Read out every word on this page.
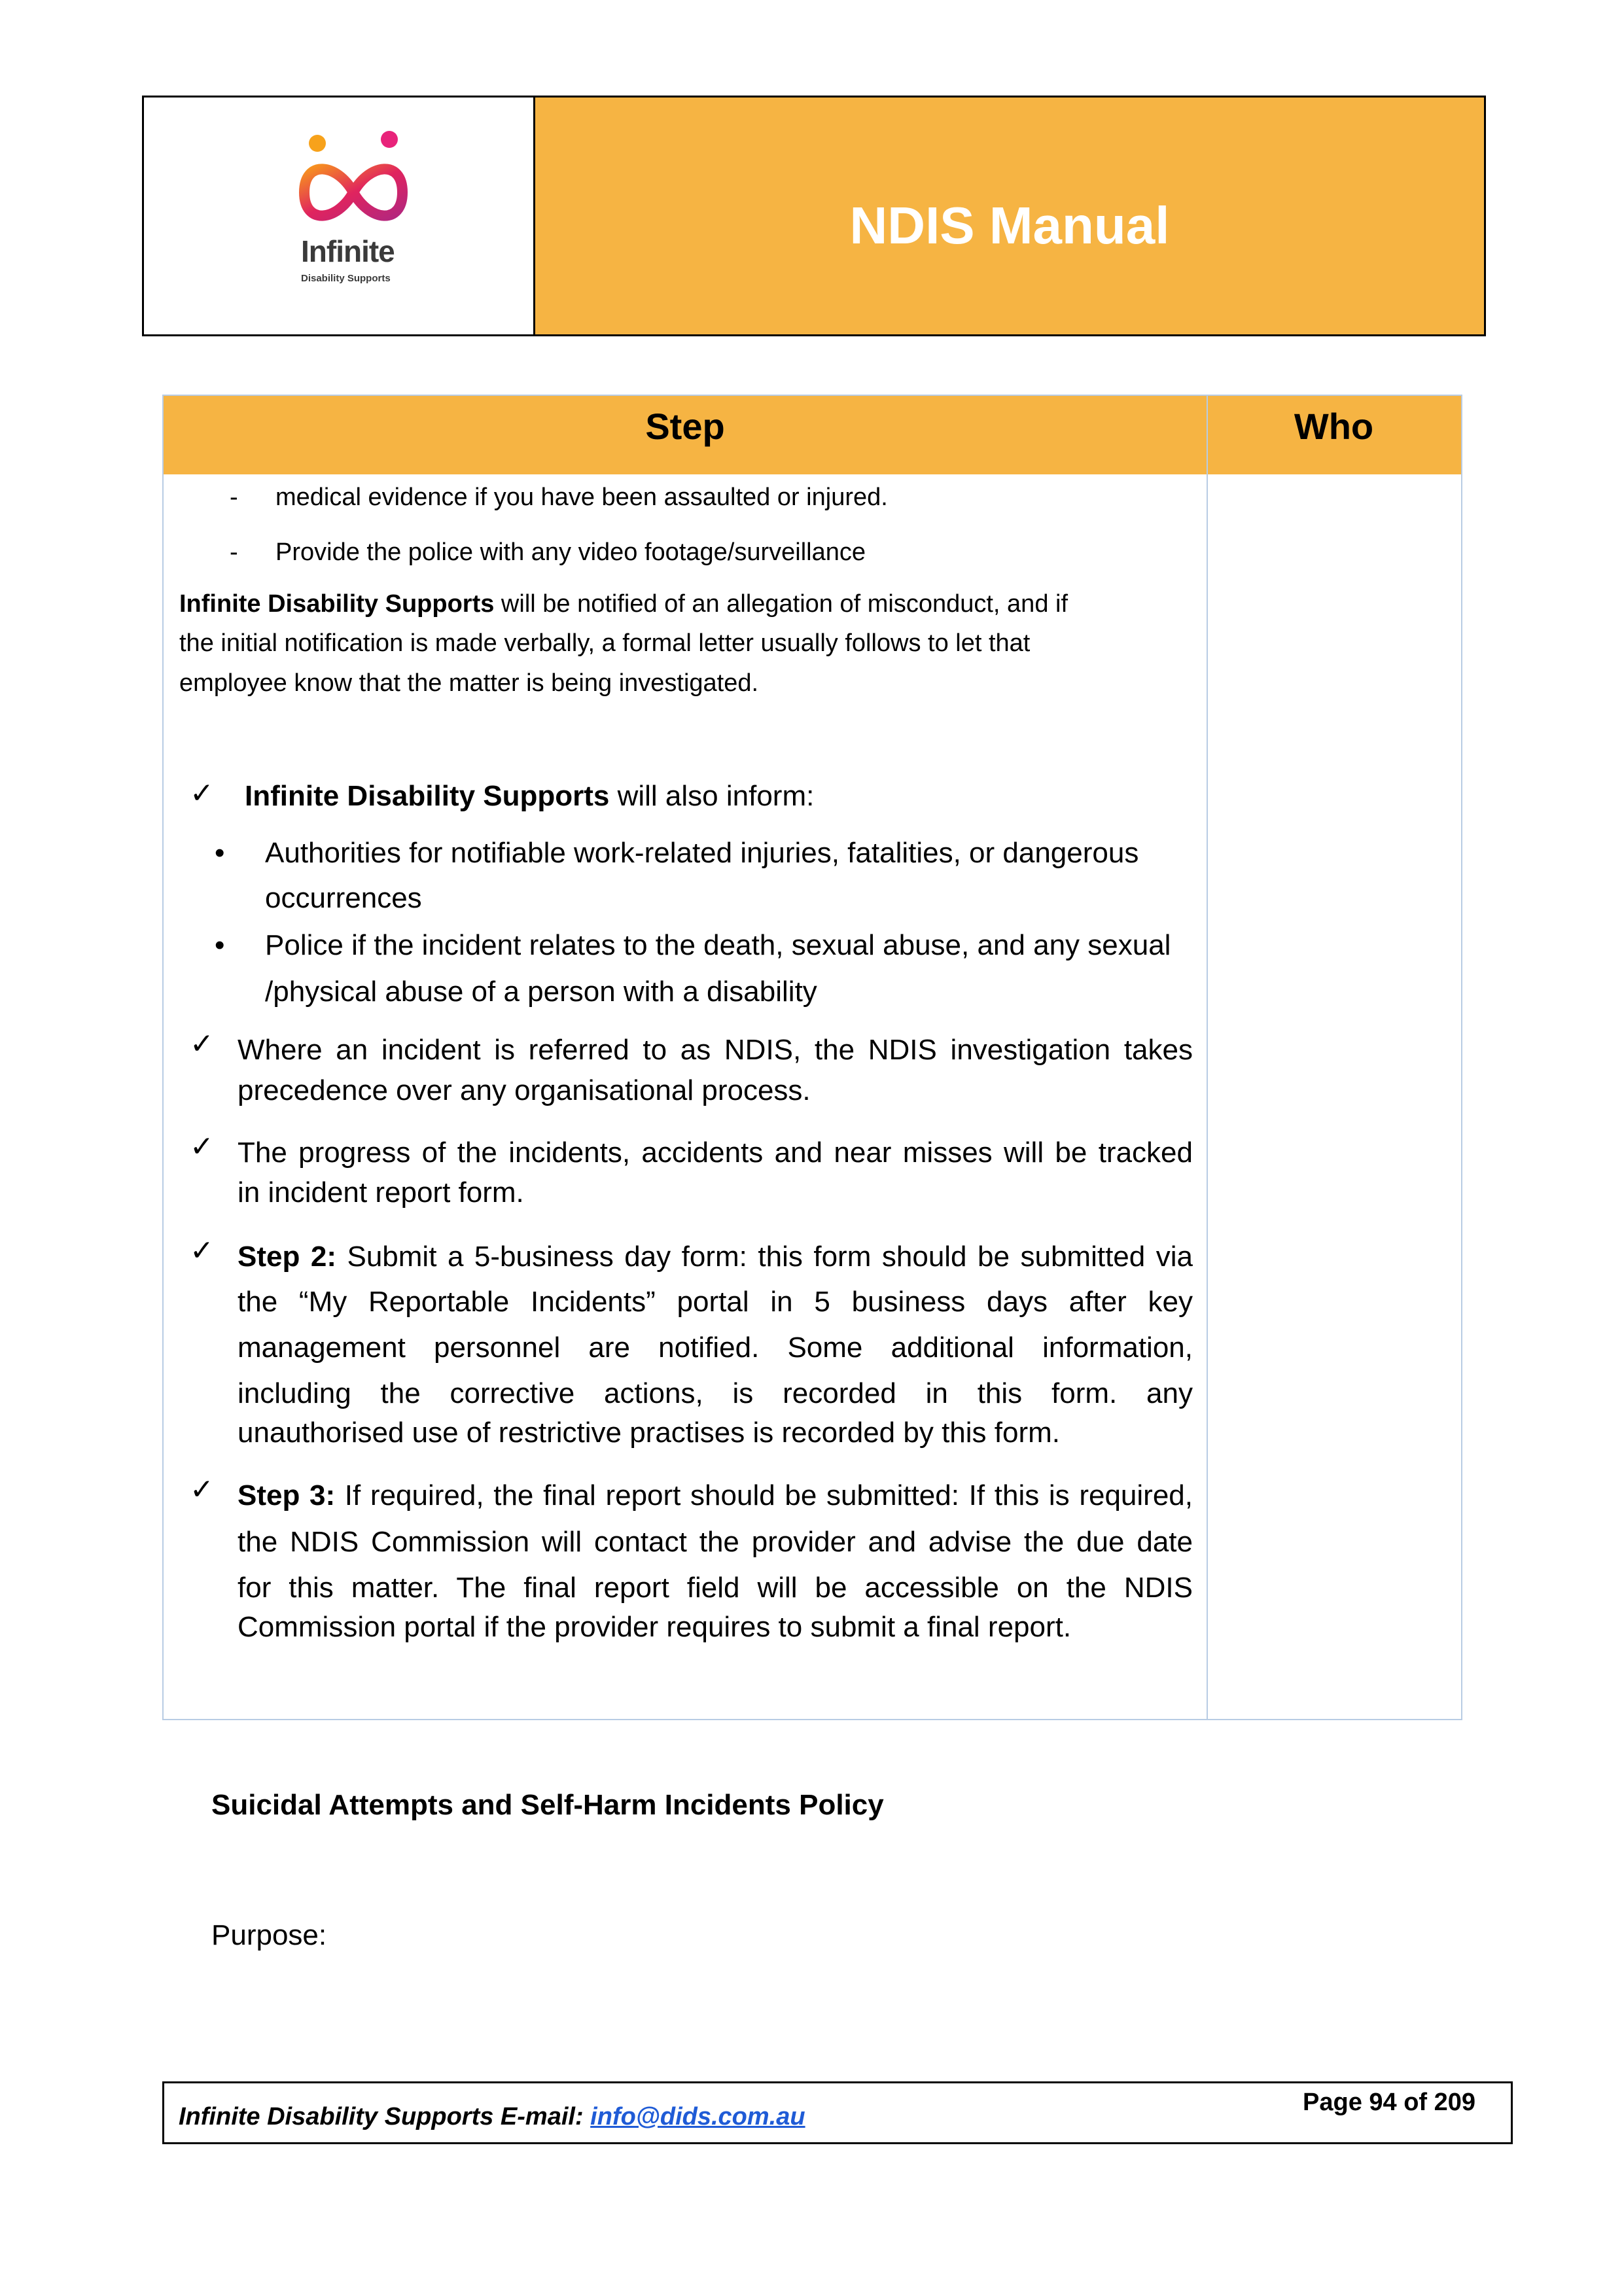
Infinite
Disability Supports
NDIS Manual
Step	Who
- medical evidence if you have been assaulted or injured.
- Provide the police with any video footage/surveillance
Infinite Disability Supports will be notified of an allegation of misconduct, and if
the initial notification is made verbally, a formal letter usually follows to let that
employee know that the matter is being investigated.
✓ Infinite Disability Supports will also inform:
• Authorities for notifiable work-related injuries, fatalities, or dangerous
occurrences
• Police if the incident relates to the death, sexual abuse, and any sexual
/physical abuse of a person with a disability
✓ Where an incident is referred to as NDIS, the NDIS investigation takes
precedence over any organisational process.
✓ The progress of the incidents, accidents and near misses will be tracked
in incident report form.
✓ Step 2: Submit a 5-business day form: this form should be submitted via
the “My Reportable Incidents” portal in 5 business days after key
management personnel are notified. Some additional information,
including the corrective actions, is recorded in this form. any
unauthorised use of restrictive practises is recorded by this form.
✓ Step 3: If required, the final report should be submitted: If this is required,
the NDIS Commission will contact the provider and advise the due date
for this matter. The final report field will be accessible on the NDIS
Commission portal if the provider requires to submit a final report.
Suicidal Attempts and Self-Harm Incidents Policy
Purpose:
Infinite Disability Supports E-mail: info@dids.com.au
Page 94 of 209
